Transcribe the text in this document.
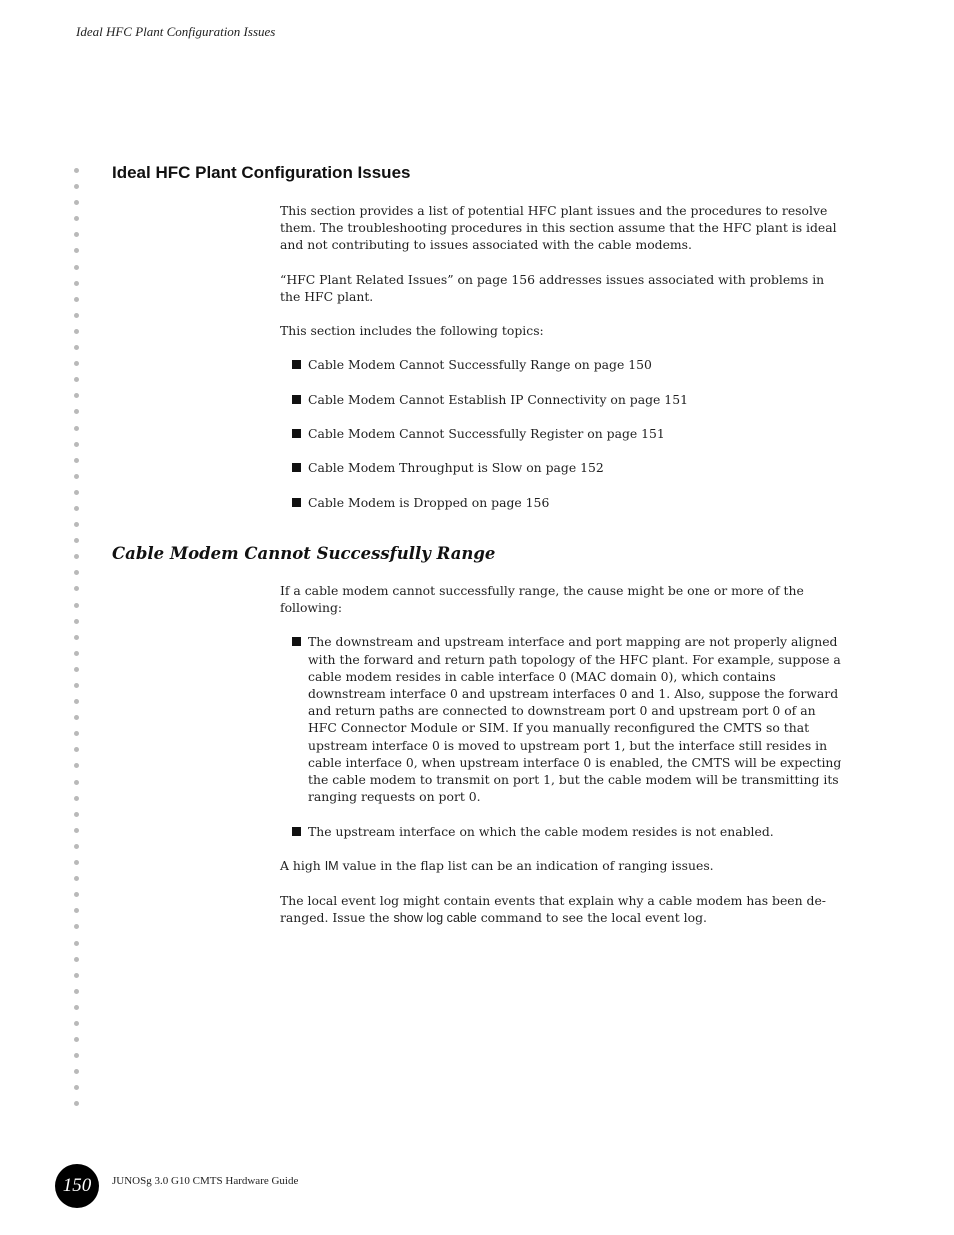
Ideal HFC Plant Configuration Issues
Ideal HFC Plant Configuration Issues

This section provides a list of potential HFC plant issues and the procedures to resolve them. The troubleshooting procedures in this section assume that the HFC plant is ideal and not contributing to issues associated with the cable modems.

“HFC Plant Related Issues” on page 156 addresses issues associated with problems in the HFC plant.

This section includes the following topics:

Cable Modem Cannot Successfully Range on page 150
Cable Modem Cannot Establish IP Connectivity on page 151
Cable Modem Cannot Successfully Register on page 151
Cable Modem Throughput is Slow on page 152
Cable Modem is Dropped on page 156
Cable Modem Cannot Successfully Range

If a cable modem cannot successfully range, the cause might be one or more of the following:

The downstream and upstream interface and port mapping are not properly aligned with the forward and return path topology of the HFC plant. For example, suppose a cable modem resides in cable interface 0 (MAC domain 0), which contains downstream interface 0 and upstream interfaces 0 and 1. Also, suppose the forward and return paths are connected to downstream port 0 and upstream port 0 of an HFC Connector Module or SIM. If you manually reconfigured the CMTS so that upstream interface 0 is moved to upstream port 1, but the interface still resides in cable interface 0, when upstream interface 0 is enabled, the CMTS will be expecting the cable modem to transmit on port 1, but the cable modem will be transmitting its ranging requests on port 0.
The upstream interface on which the cable modem resides is not enabled.

A high IM value in the flap list can be an indication of ranging issues.

The local event log might contain events that explain why a cable modem has been de-ranged. Issue the show log cable command to see the local event log.

150	JUNOSg 3.0 G10 CMTS Hardware Guide
